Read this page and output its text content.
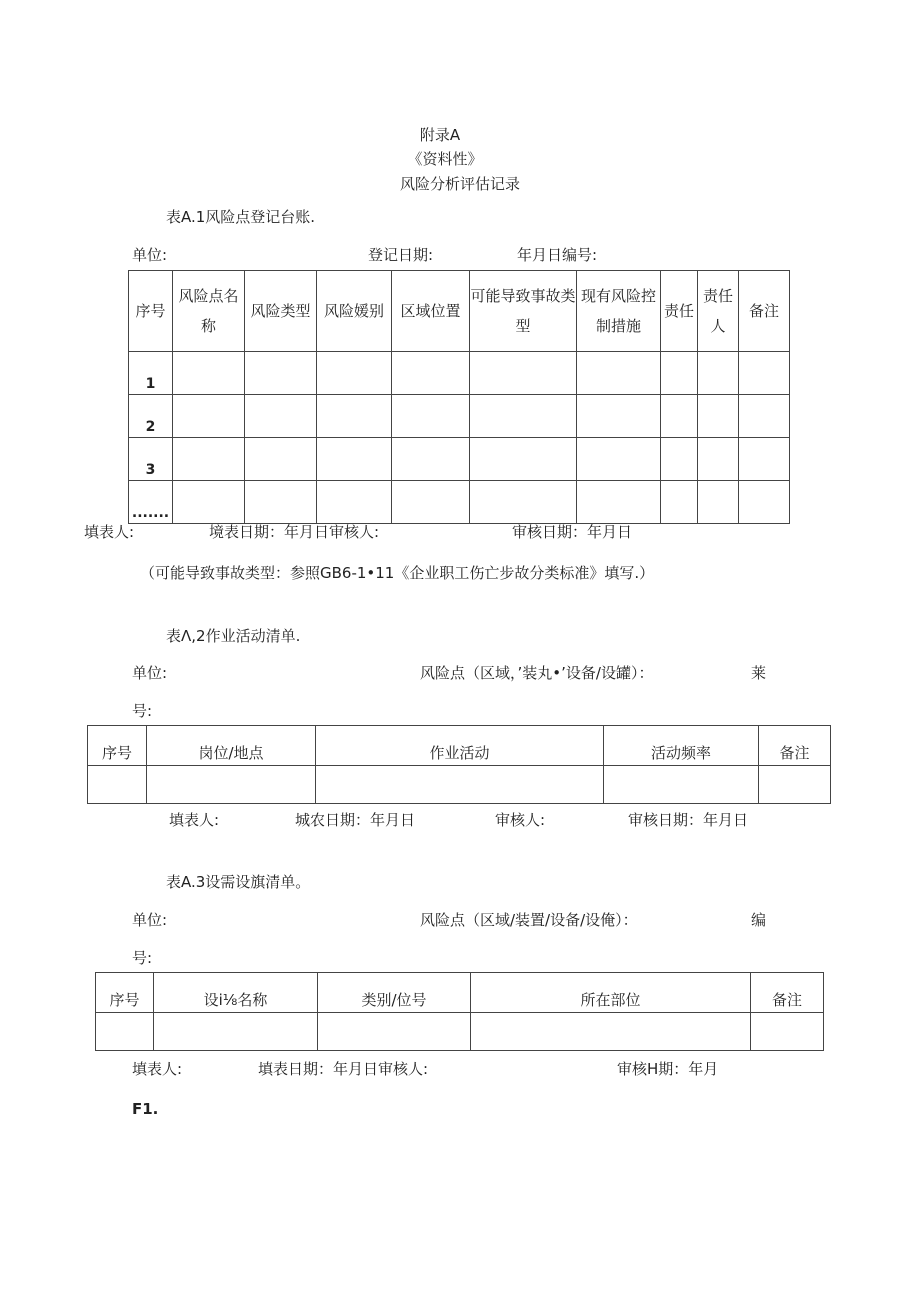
附录A
《资料性》
风险分析评估记录
表A.1风险点登记台账.
单位:	登记日期:	年月日编号:
序号	风险点名称	风险类型	风险媛别	区域位置	可能导致事故类型	现有风险控制措施	责任	责任人	备注
1									
2									
3									
.......									
填表人:	境表日期：年月日审核人:	审核日期：年月日
（可能导致事故类型：参照GB6-1•11《企业职工伤亡步故分类标准》填写.）
表Λ,2作业活动清单.
单位:	风险点（区域，’装丸•’设备/设罐）：	莱
号:
序号	岗位/地点	作业活动	活动频率	备注

填表人:	城农日期：年月日	审核人:	审核日期：年月日
表A.3设需设旗清单。
单位:	风险点（区域/装置/设备/设俺）：	编
号:
序号	设i⅛名称	类别/位号	所在部位	备注

填表人:	填表日期：年月日审核人:	审核H期：年月
F1.
